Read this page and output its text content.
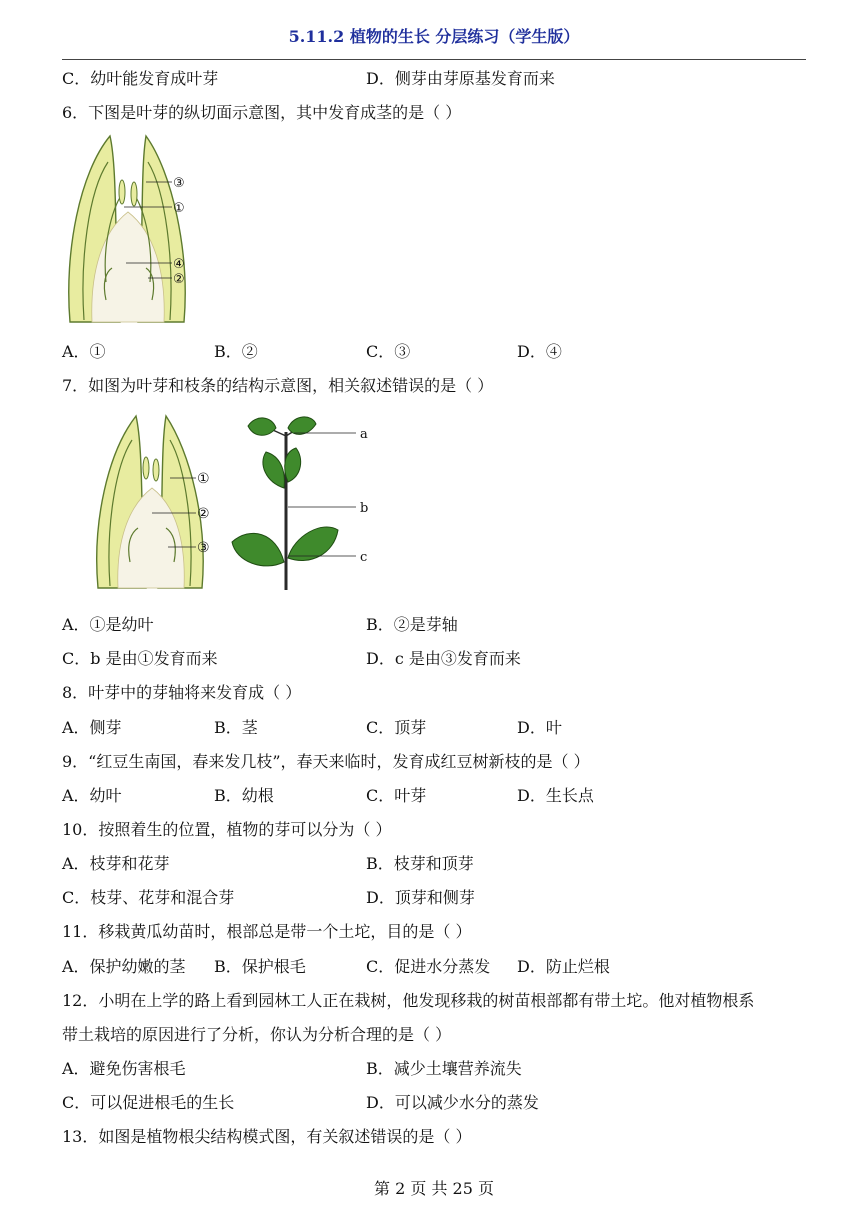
5.11.2 植物的生长 分层练习（学生版）
C．幼叶能发育成叶芽	D．侧芽由芽原基发育而来
6．下图是叶芽的纵切面示意图，其中发育成茎的是（ ）
③
①
④
②
A．①	B．②	C．③	D．④
7．如图为叶芽和枝条的结构示意图，相关叙述错误的是（ ）
①
②
③
a
b
c
A．①是幼叶	B．②是芽轴
C．b 是由①发育而来	D．c 是由③发育而来
8．叶芽中的芽轴将来发育成（ ）
A．侧芽	B．茎	C．顶芽	D．叶
9．“红豆生南国，春来发几枝”，春天来临时，发育成红豆树新枝的是（ ）
A．幼叶	B．幼根	C．叶芽	D．生长点
10．按照着生的位置，植物的芽可以分为（ ）
A．枝芽和花芽	B．枝芽和顶芽
C．枝芽、花芽和混合芽	D．顶芽和侧芽
11．移栽黄瓜幼苗时，根部总是带一个土坨，目的是（ ）
A．保护幼嫩的茎 B．保护根毛	C．促进水分蒸发 D．防止烂根
12．小明在上学的路上看到园林工人正在栽树，他发现移栽的树苗根部都有带土坨。他对植物根系
带土栽培的原因进行了分析，你认为分析合理的是（ ）
A．避免伤害根毛	B．减少土壤营养流失
C．可以促进根毛的生长	D．可以减少水分的蒸发
13．如图是植物根尖结构模式图，有关叙述错误的是（ ）
第 2 页 共 25 页
